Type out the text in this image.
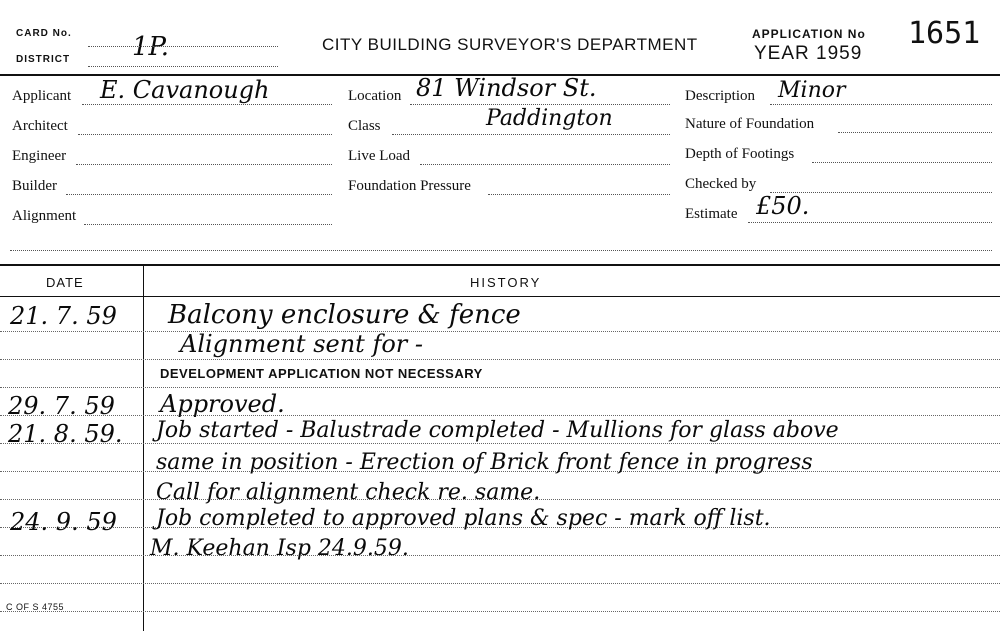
CARD No.
DISTRICT 1P.	CITY BUILDING SURVEYOR'S DEPARTMENT
APPLICATION No
YEAR 1959
1651
Applicant E. Cavanough
Architect
Engineer
Builder
Alignment
Location 81 Windsor St.
Class	Paddington
Live Load
Foundation Pressure
Description Minor
Nature of Foundation
Depth of Footings
Checked by
Estimate £50.
DATE	HISTORY
21. 7. 59 Balcony enclosure & fence
Alignment sent for -
DEVELOPMENT APPLICATION NOT NECESSARY
29. 7. 59 Approved.
21. 8. 59. Job started - Balustrade completed - Mullions for glass above
same in position - Erection of Brick front fence in progress
Call for alignment check re. same.
24. 9. 59 Job completed to approved plans & spec - mark off list.
M. Keehan Isp 24.9.59.
C OF S 4755
